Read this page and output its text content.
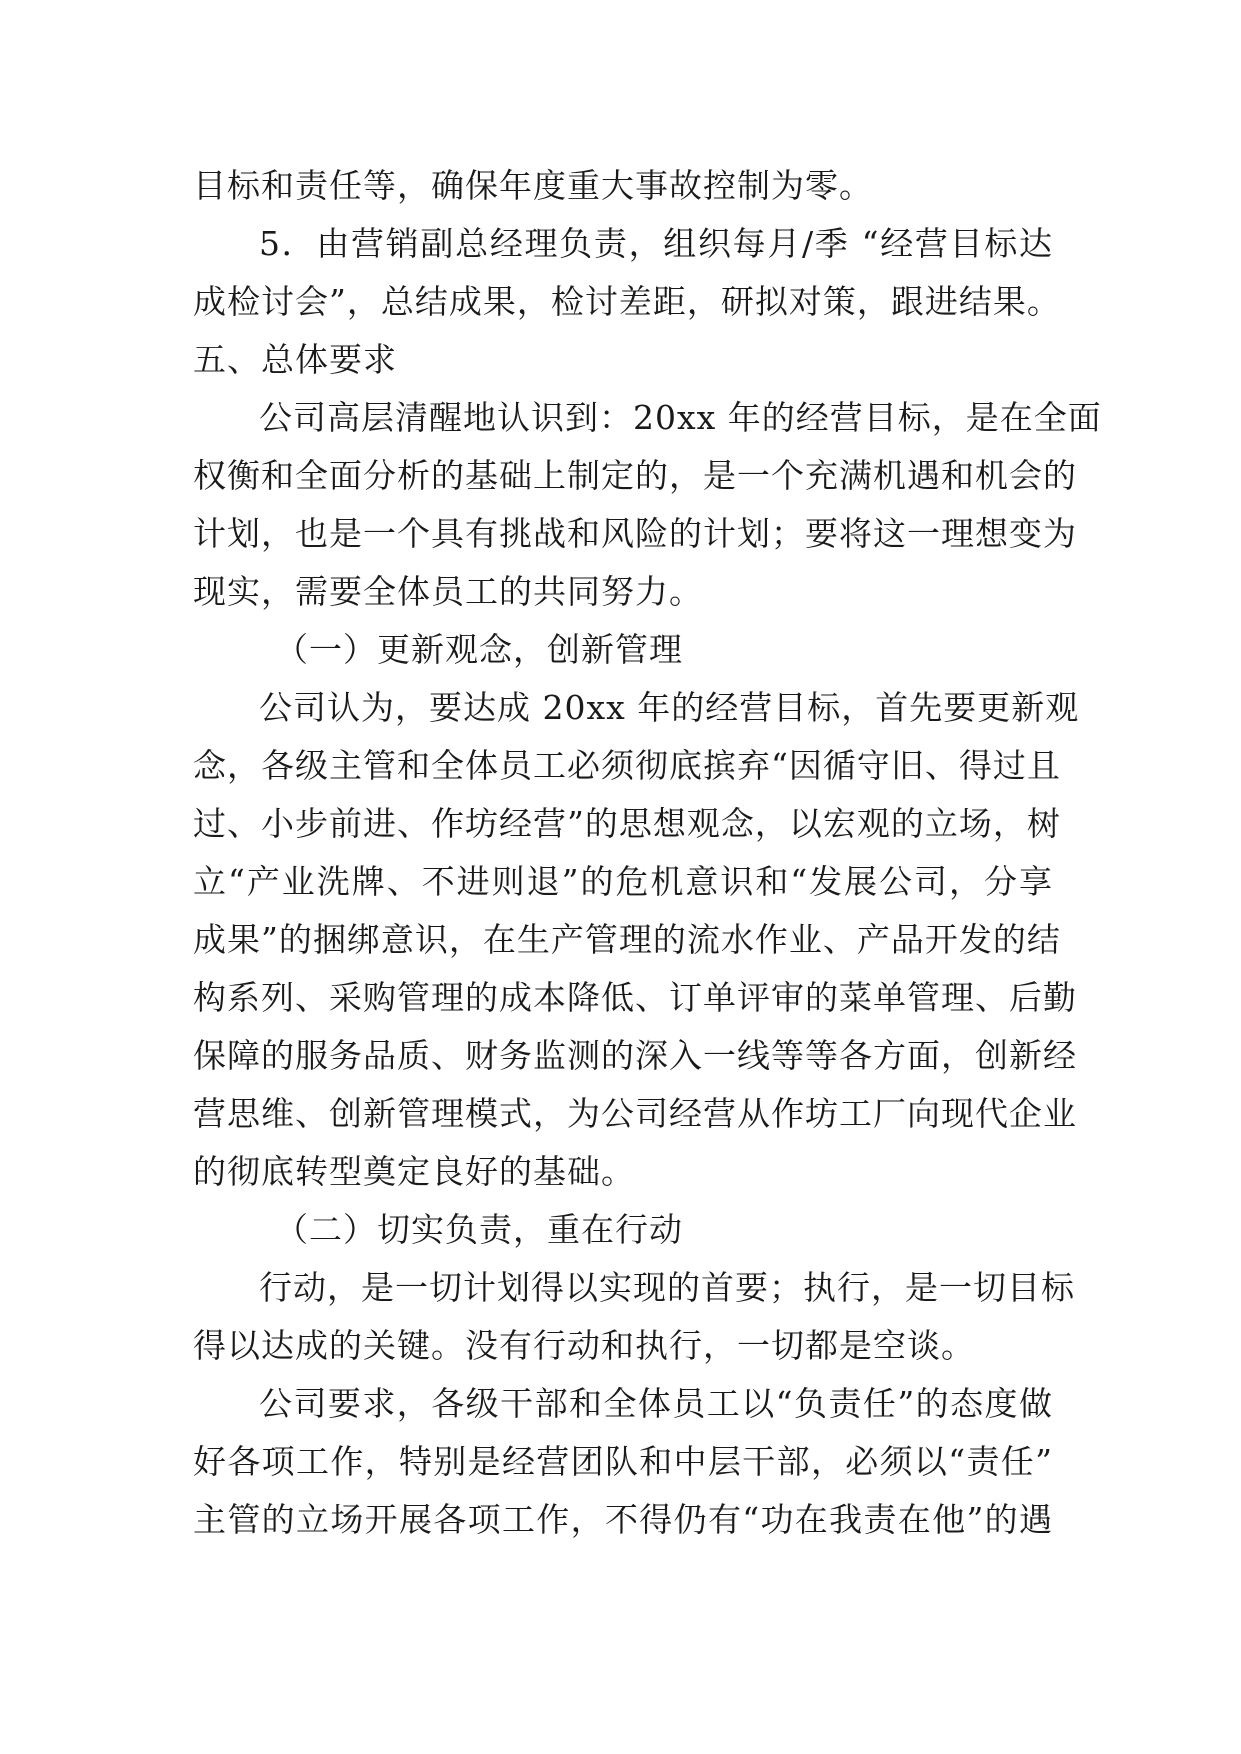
目标和责任等，确保年度重大事故控制为零。
5．由营销副总经理负责，组织每月/季 “经营目标达
成检讨会”，总结成果，检讨差距，研拟对策，跟进结果。
五、总体要求
公司高层清醒地认识到：20xx 年的经营目标，是在全面
权衡和全面分析的基础上制定的，是一个充满机遇和机会的
计划，也是一个具有挑战和风险的计划；要将这一理想变为
现实，需要全体员工的共同努力。
（一）更新观念，创新管理
公司认为，要达成 20xx 年的经营目标，首先要更新观
念，各级主管和全体员工必须彻底摈弃“因循守旧、得过且
过、小步前进、作坊经营”的思想观念，以宏观的立场，树
立“产业洗牌、不进则退”的危机意识和“发展公司，分享
成果”的捆绑意识，在生产管理的流水作业、产品开发的结
构系列、采购管理的成本降低、订单评审的菜单管理、后勤
保障的服务品质、财务监测的深入一线等等各方面，创新经
营思维、创新管理模式，为公司经营从作坊工厂向现代企业
的彻底转型奠定良好的基础。
（二）切实负责，重在行动
行动，是一切计划得以实现的首要；执行，是一切目标
得以达成的关键。没有行动和执行，一切都是空谈。
公司要求，各级干部和全体员工以“负责任”的态度做
好各项工作，特别是经营团队和中层干部，必须以“责任”
主管的立场开展各项工作，不得仍有“功在我责在他”的遇
